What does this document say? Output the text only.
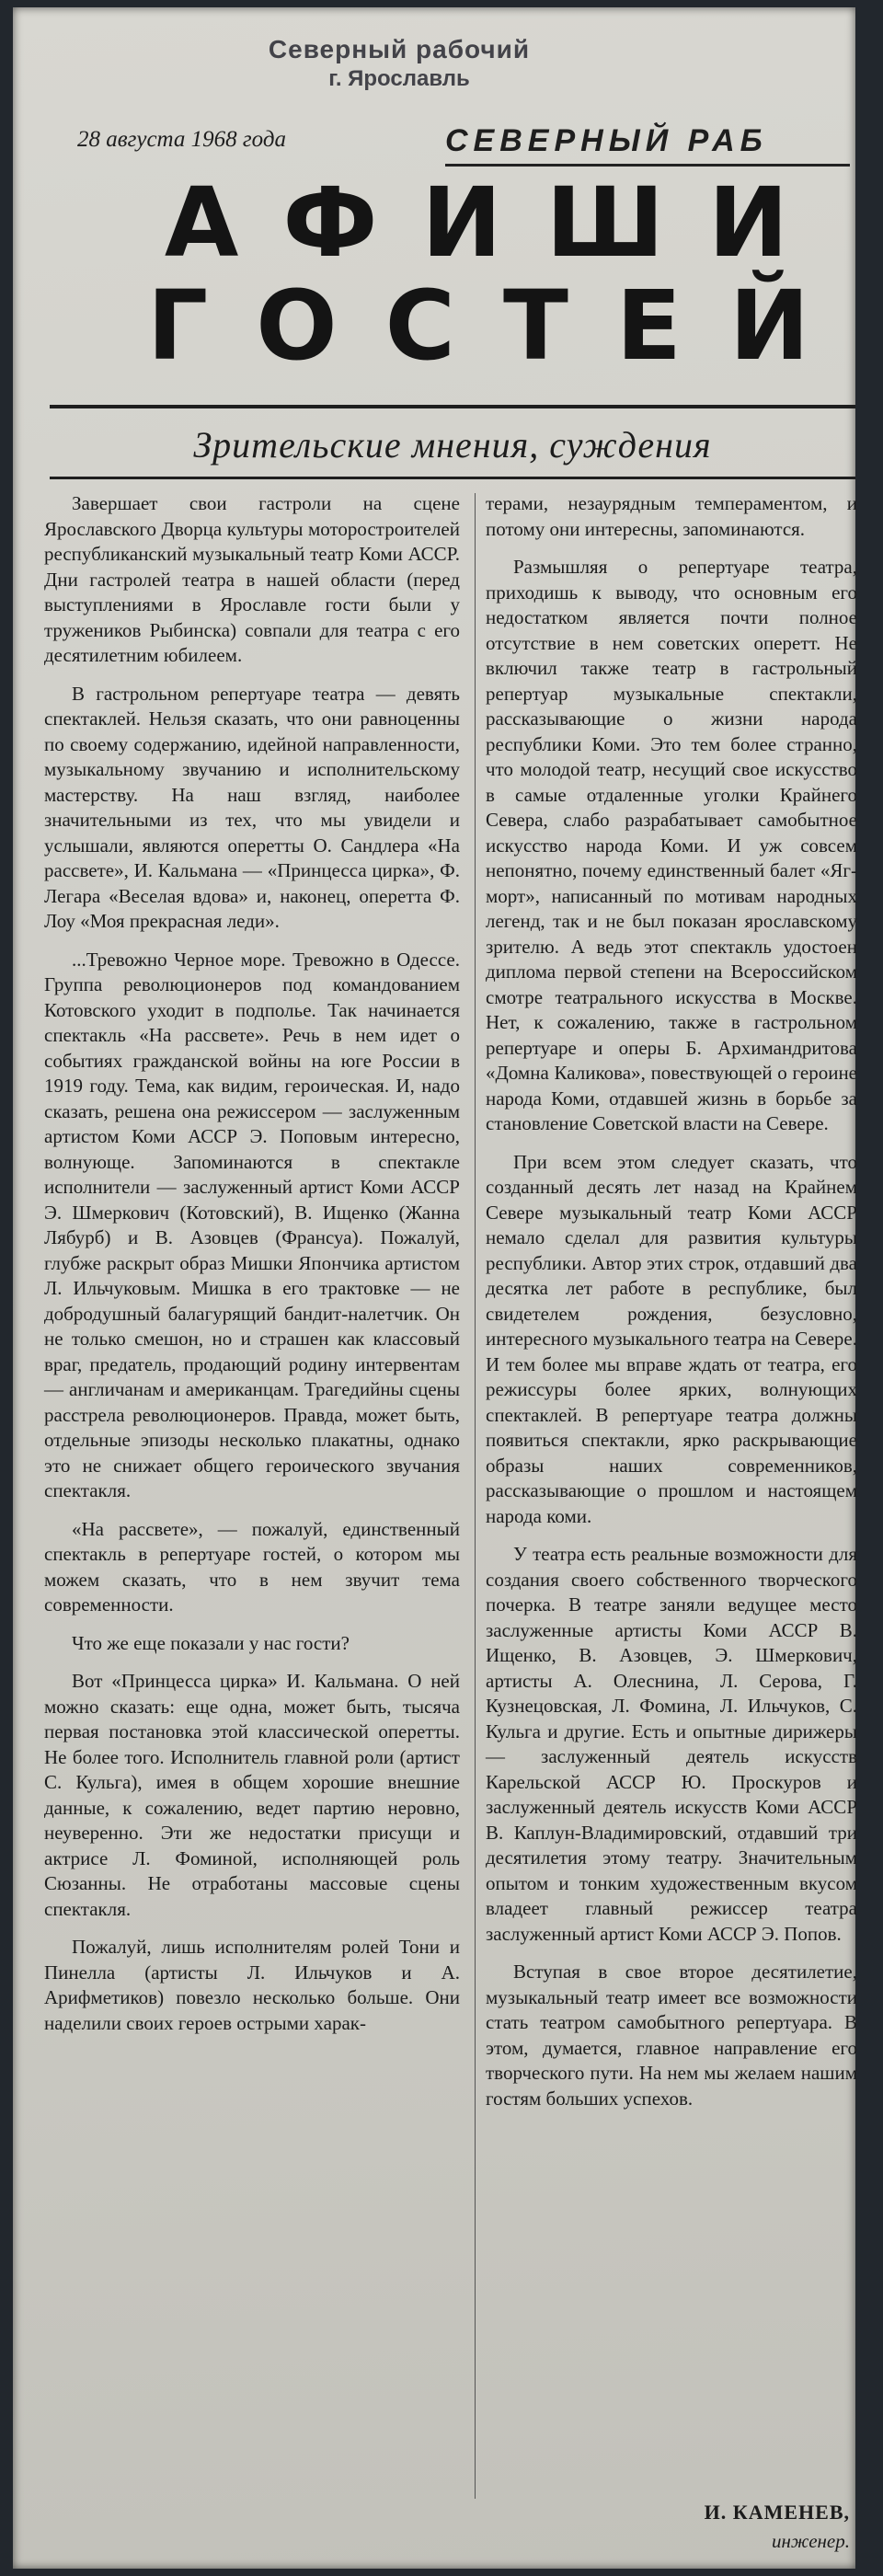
Северный рабочий
г. Ярославль
28 августа 1968 года	СЕВЕРНЫЙ РАБ
АФИШИ
ГОСТЕЙ
Зрительские мнения, суждения

Завершает свои гастроли на сцене Ярославского Дворца культуры моторостроителей республиканский музыкальный театр Коми АССР. Дни гастролей театра в нашей области (перед выступлениями в Ярославле гости были у тружеников Рыбинска) совпали для театра с его десятилетним юбилеем.

В гастрольном репертуаре театра — девять спектаклей. Нельзя сказать, что они равноценны по своему содержанию, идейной направленности, музыкальному звучанию и исполнительскому мастерству. На наш взгляд, наиболее значительными из тех, что мы увидели и услышали, являются оперетты О. Сандлера «На рассвете», И. Кальмана — «Принцесса цирка», Ф. Легара «Веселая вдова» и, наконец, оперетта Ф. Лоу «Моя прекрасная леди».

...Тревожно Черное море. Тревожно в Одессе. Группа революционеров под командованием Котовского уходит в подполье. Так начинается спектакль «На рассвете». Речь в нем идет о событиях гражданской войны на юге России в 1919 году. Тема, как видим, героическая. И, надо сказать, решена она режиссером — заслуженным артистом Коми АССР Э. Поповым интересно, волнующе. Запоминаются в спектакле исполнители — заслуженный артист Коми АССР Э. Шмеркович (Котовский), В. Ищенко (Жанна Лябурб) и В. Азовцев (Франсуа). Пожалуй, глубже раскрыт образ Мишки Япончика артистом Л. Ильчуковым. Мишка в его трактовке — не добродушный балагурящий бандит-налетчик. Он не только смешон, но и страшен как классовый враг, предатель, продающий родину интервентам — англичанам и американцам. Трагедийны сцены расстрела революционеров. Правда, может быть, отдельные эпизоды несколько плакатны, однако это не снижает общего героического звучания спектакля.

«На рассвете», — пожалуй, единственный спектакль в репертуаре гостей, о котором мы можем сказать, что в нем звучит тема современности.

Что же еще показали у нас гости?

Вот «Принцесса цирка» И. Кальмана. О ней можно сказать: еще одна, может быть, тысяча первая постановка этой классической оперетты. Не более того. Исполнитель главной роли (артист С. Кульга), имея в общем хорошие внешние данные, к сожалению, ведет партию неровно, неуверенно. Эти же недостатки присущи и актрисе Л. Фоминой, исполняющей роль Сюзанны. Не отработаны массовые сцены спектакля.

Пожалуй, лишь исполнителям ролей Тони и Пинелла (артисты Л. Ильчуков и А. Арифметиков) повезло несколько больше. Они наделили своих героев острыми харак-

терами, незаурядным темпераментом, и потому они интересны, запоминаются.

Размышляя о репертуаре театра, приходишь к выводу, что основным его недостатком является почти полное отсутствие в нем советских оперетт. Не включил также театр в гастрольный репертуар музыкальные спектакли, рассказывающие о жизни народа республики Коми. Это тем более странно, что молодой театр, несущий свое искусство в самые отдаленные уголки Крайнего Севера, слабо разрабатывает самобытное искусство народа Коми. И уж совсем непонятно, почему единственный балет «Яг-морт», написанный по мотивам народных легенд, так и не был показан ярославскому зрителю. А ведь этот спектакль удостоен диплома первой степени на Всероссийском смотре театрального искусства в Москве. Нет, к сожалению, также в гастрольном репертуаре и оперы Б. Архимандритова «Домна Каликова», повествующей о героине народа Коми, отдавшей жизнь в борьбе за становление Советской власти на Севере.

При всем этом следует сказать, что созданный десять лет назад на Крайнем Севере музыкальный театр Коми АССР немало сделал для развития культуры республики. Автор этих строк, отдавший два десятка лет работе в республике, был свидетелем рождения, безусловно, интересного музыкального театра на Севере. И тем более мы вправе ждать от театра, его режиссуры более ярких, волнующих спектаклей. В репертуаре театра должны появиться спектакли, ярко раскрывающие образы наших современников, рассказывающие о прошлом и настоящем народа коми.

У театра есть реальные возможности для создания своего собственного творческого почерка. В театре заняли ведущее место заслуженные артисты Коми АССР В. Ищенко, В. Азовцев, Э. Шмеркович, артисты А. Олеснина, Л. Серова, Г. Кузнецовская, Л. Фомина, Л. Ильчуков, С. Кульга и другие. Есть и опытные дирижеры — заслуженный деятель искусств Карельской АССР Ю. Проскуров и заслуженный деятель искусств Коми АССР В. Каплун-Владимировский, отдавший три десятилетия этому театру. Значительным опытом и тонким художественным вкусом владеет главный режиссер театра заслуженный артист Коми АССР Э. Попов.

Вступая в свое второе десятилетие, музыкальный театр имеет все возможности стать театром самобытного репертуара. В этом, думается, главное направление его творческого пути. На нем мы желаем нашим гостям больших успехов.

И. КАМЕНЕВ,
инженер.
